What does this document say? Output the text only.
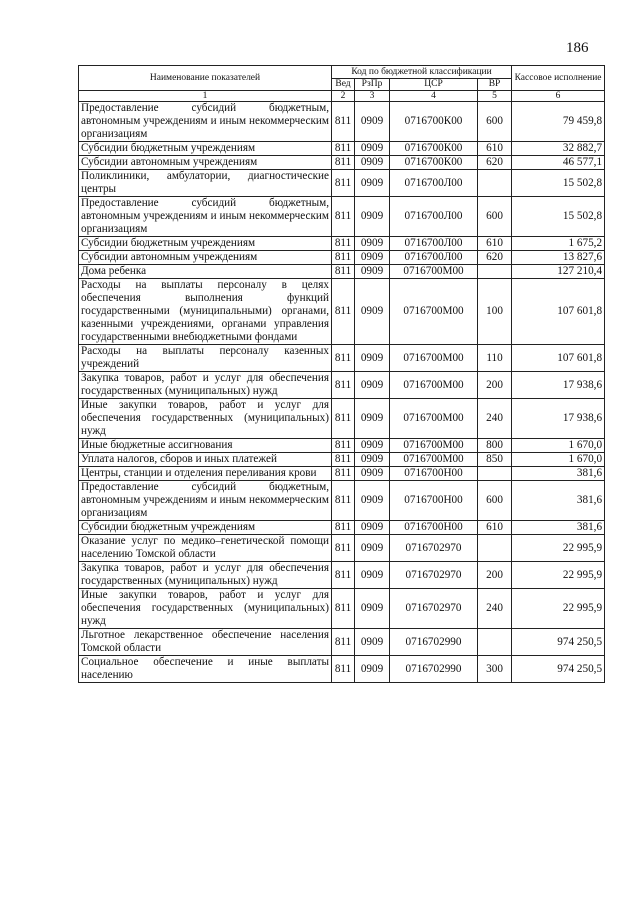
186
Наименование показателей	Код по бюджетной классификации				Кассовое исполнение
	Вед	РзПр	ЦСР	ВР	
1	2	3	4	5	6
Предоставление субсидий бюджетным, автономным учреждениям и иным некоммерческим организациям	811	0909	0716700К00	600	79 459,8
Субсидии бюджетным учреждениям	811	0909	0716700К00	610	32 882,7
Субсидии автономным учреждениям	811	0909	0716700К00	620	46 577,1
Поликлиники, амбулатории, диагностические центры	811	0909	0716700Л00		15 502,8
Предоставление субсидий бюджетным, автономным учреждениям и иным некоммерческим организациям	811	0909	0716700Л00	600	15 502,8
Субсидии бюджетным учреждениям	811	0909	0716700Л00	610	1 675,2
Субсидии автономным учреждениям	811	0909	0716700Л00	620	13 827,6
Дома ребенка	811	0909	0716700М00		127 210,4
Расходы на выплаты персоналу в целях обеспечения выполнения функций государственными (муниципальными) органами, казенными учреждениями, органами управления государственными внебюджетными фондами	811	0909	0716700М00	100	107 601,8
Расходы на выплаты персоналу казенных учреждений	811	0909	0716700М00	110	107 601,8
Закупка товаров, работ и услуг для обеспечения государственных (муниципальных) нужд	811	0909	0716700М00	200	17 938,6
Иные закупки товаров, работ и услуг для обеспечения государственных (муниципальных) нужд	811	0909	0716700М00	240	17 938,6
Иные бюджетные ассигнования	811	0909	0716700М00	800	1 670,0
Уплата налогов, сборов и иных платежей	811	0909	0716700М00	850	1 670,0
Центры, станции и отделения переливания крови	811	0909	0716700Н00		381,6
Предоставление субсидий бюджетным, автономным учреждениям и иным некоммерческим организациям	811	0909	0716700Н00	600	381,6
Субсидии бюджетным учреждениям	811	0909	0716700Н00	610	381,6
Оказание услуг по медико–генетической помощи населению Томской области	811	0909	0716702970		22 995,9
Закупка товаров, работ и услуг для обеспечения государственных (муниципальных) нужд	811	0909	0716702970	200	22 995,9
Иные закупки товаров, работ и услуг для обеспечения государственных (муниципальных) нужд	811	0909	0716702970	240	22 995,9
Льготное лекарственное обеспечение населения Томской области	811	0909	0716702990		974 250,5
Социальное обеспечение и иные выплаты населению	811	0909	0716702990	300	974 250,5
